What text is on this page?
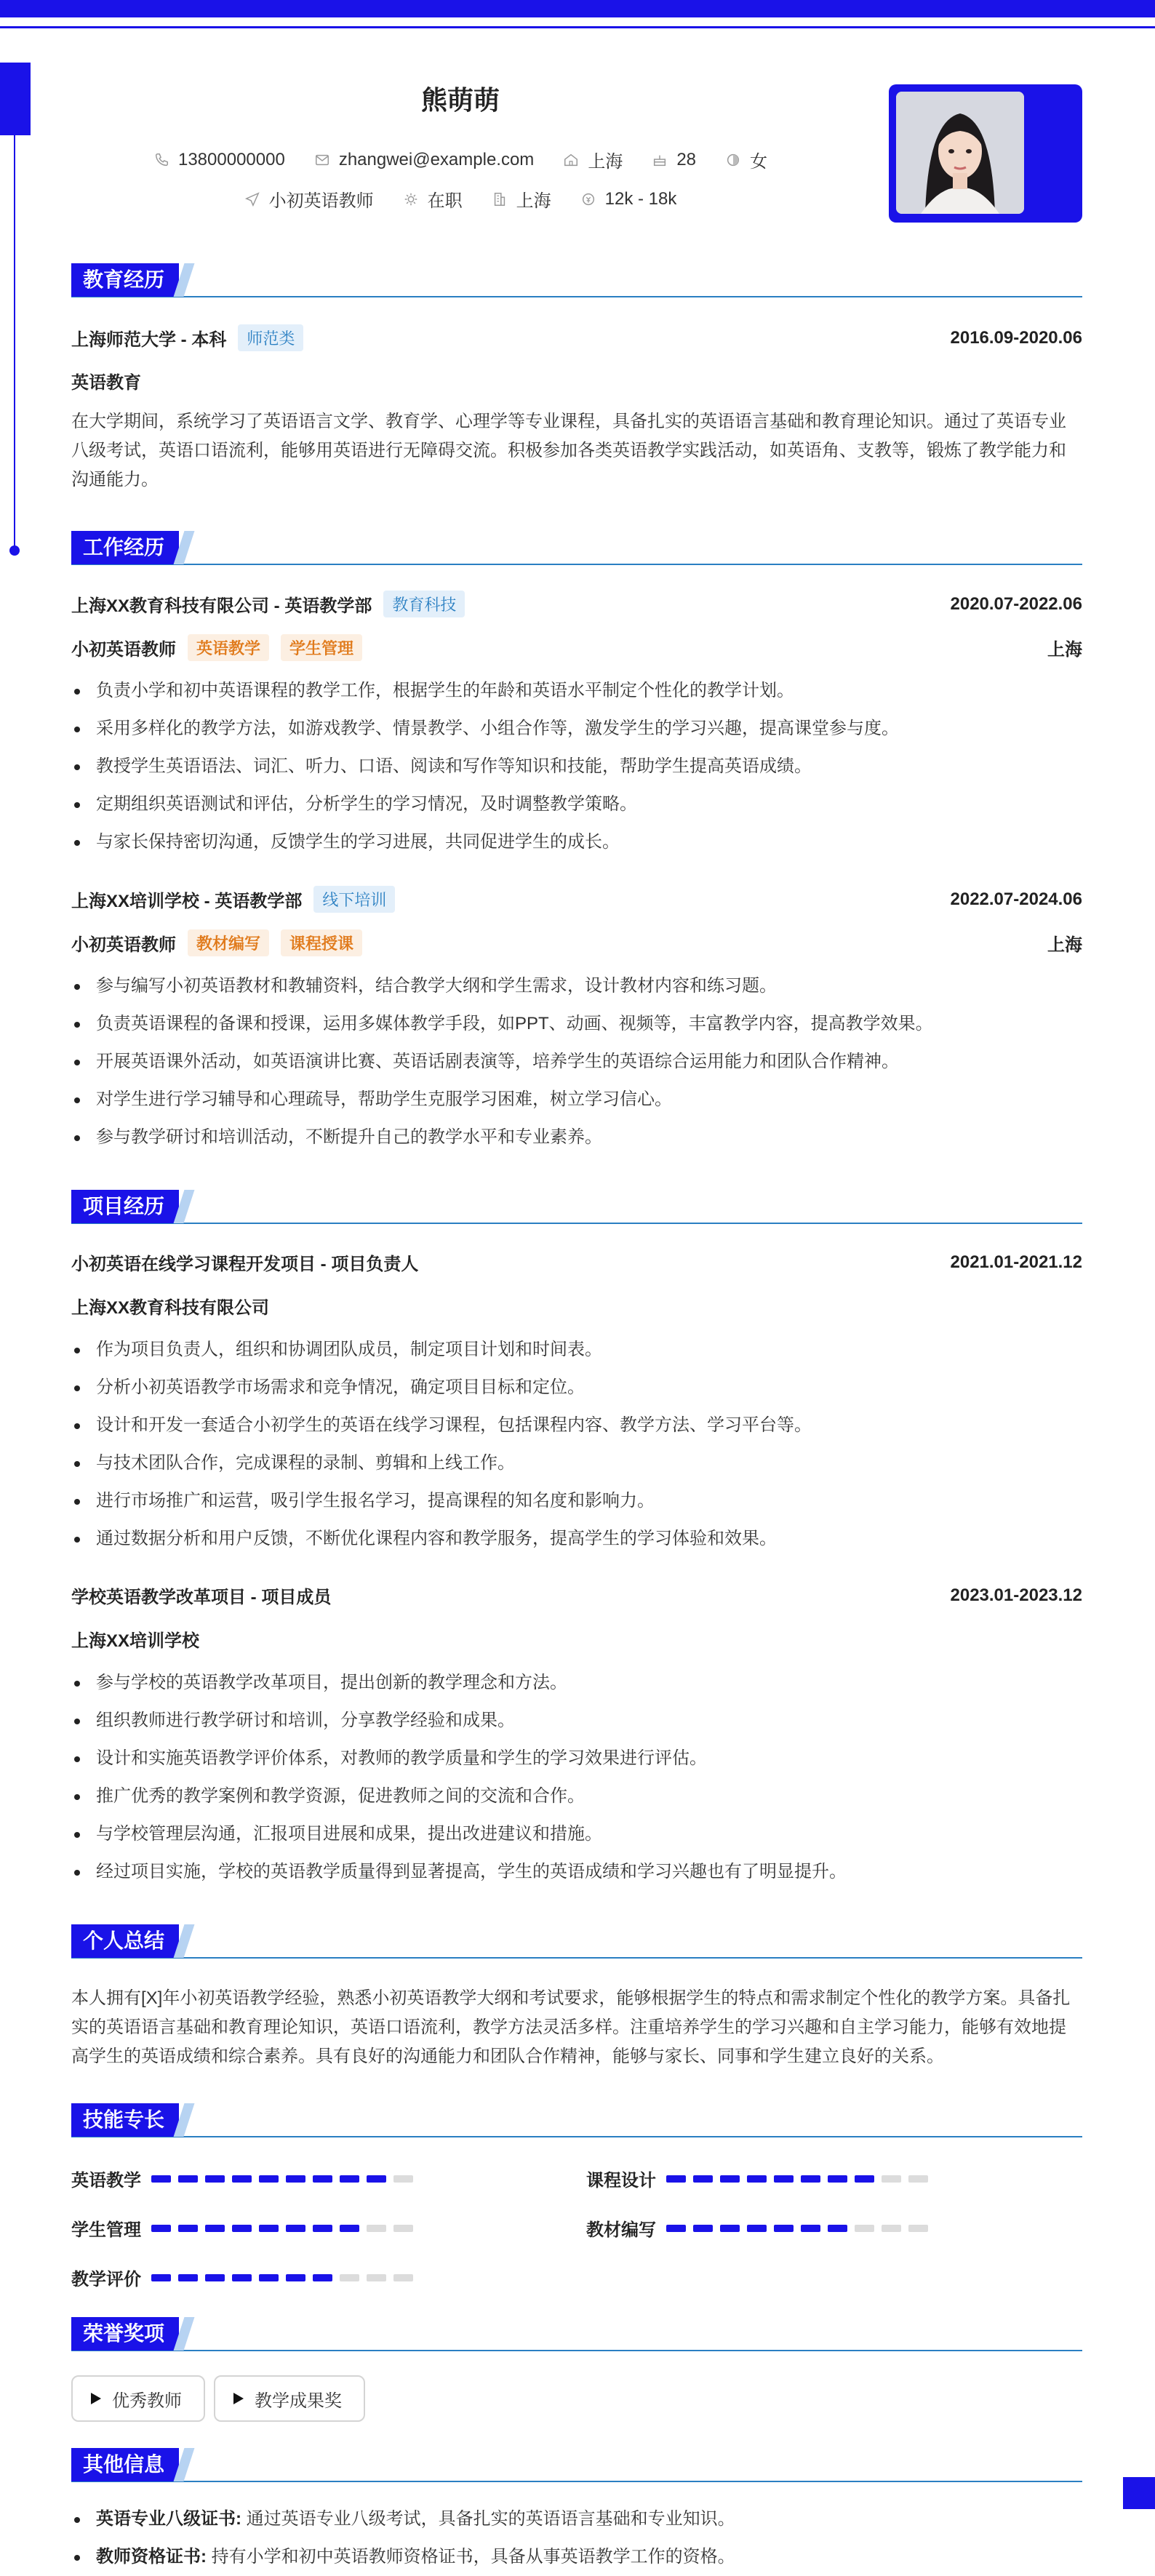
熊萌萌
13800000000	zhangwei@example.com	上海	28	女
小初英语教师	在职	上海	12k - 18k
教育经历
上海师范大学 - 本科	师范类	2016.09-2020.06
英语教育
在大学期间，系统学习了英语语言文学、教育学、心理学等专业课程，具备扎实的英语语言基础和教育理论知识。通过了英语专业八级考试，英语口语流利，能够用英语进行无障碍交流。积极参加各类英语教学实践活动，如英语角、支教等，锻炼了教学能力和沟通能力。
工作经历
上海XX教育科技有限公司 - 英语教学部	教育科技	2020.07-2022.06
小初英语教师	英语教学	学生管理	上海
负责小学和初中英语课程的教学工作，根据学生的年龄和英语水平制定个性化的教学计划。
采用多样化的教学方法，如游戏教学、情景教学、小组合作等，激发学生的学习兴趣，提高课堂参与度。
教授学生英语语法、词汇、听力、口语、阅读和写作等知识和技能，帮助学生提高英语成绩。
定期组织英语测试和评估，分析学生的学习情况，及时调整教学策略。
与家长保持密切沟通，反馈学生的学习进展，共同促进学生的成长。
上海XX培训学校 - 英语教学部	线下培训	2022.07-2024.06
小初英语教师	教材编写	课程授课	上海
参与编写小初英语教材和教辅资料，结合教学大纲和学生需求，设计教材内容和练习题。
负责英语课程的备课和授课，运用多媒体教学手段，如PPT、动画、视频等，丰富教学内容，提高教学效果。
开展英语课外活动，如英语演讲比赛、英语话剧表演等，培养学生的英语综合运用能力和团队合作精神。
对学生进行学习辅导和心理疏导，帮助学生克服学习困难，树立学习信心。
参与教学研讨和培训活动，不断提升自己的教学水平和专业素养。
项目经历
小初英语在线学习课程开发项目 - 项目负责人	2021.01-2021.12
上海XX教育科技有限公司
作为项目负责人，组织和协调团队成员，制定项目计划和时间表。
分析小初英语教学市场需求和竞争情况，确定项目目标和定位。
设计和开发一套适合小初学生的英语在线学习课程，包括课程内容、教学方法、学习平台等。
与技术团队合作，完成课程的录制、剪辑和上线工作。
进行市场推广和运营，吸引学生报名学习，提高课程的知名度和影响力。
通过数据分析和用户反馈，不断优化课程内容和教学服务，提高学生的学习体验和效果。
学校英语教学改革项目 - 项目成员	2023.01-2023.12
上海XX培训学校
参与学校的英语教学改革项目，提出创新的教学理念和方法。
组织教师进行教学研讨和培训，分享教学经验和成果。
设计和实施英语教学评价体系，对教师的教学质量和学生的学习效果进行评估。
推广优秀的教学案例和教学资源，促进教师之间的交流和合作。
与学校管理层沟通，汇报项目进展和成果，提出改进建议和措施。
经过项目实施，学校的英语教学质量得到显著提高，学生的英语成绩和学习兴趣也有了明显提升。
个人总结
本人拥有[X]年小初英语教学经验，熟悉小初英语教学大纲和考试要求，能够根据学生的特点和需求制定个性化的教学方案。具备扎实的英语语言基础和教育理论知识，英语口语流利，教学方法灵活多样。注重培养学生的学习兴趣和自主学习能力，能够有效地提高学生的英语成绩和综合素养。具有良好的沟通能力和团队合作精神，能够与家长、同事和学生建立良好的关系。
技能专长
英语教学	课程设计
学生管理	教材编写
教学评价
荣誉奖项
优秀教师	教学成果奖
其他信息
英语专业八级证书: 通过英语专业八级考试，具备扎实的英语语言基础和专业知识。
教师资格证书: 持有小学和初中英语教师资格证书，具备从事英语教学工作的资格。
